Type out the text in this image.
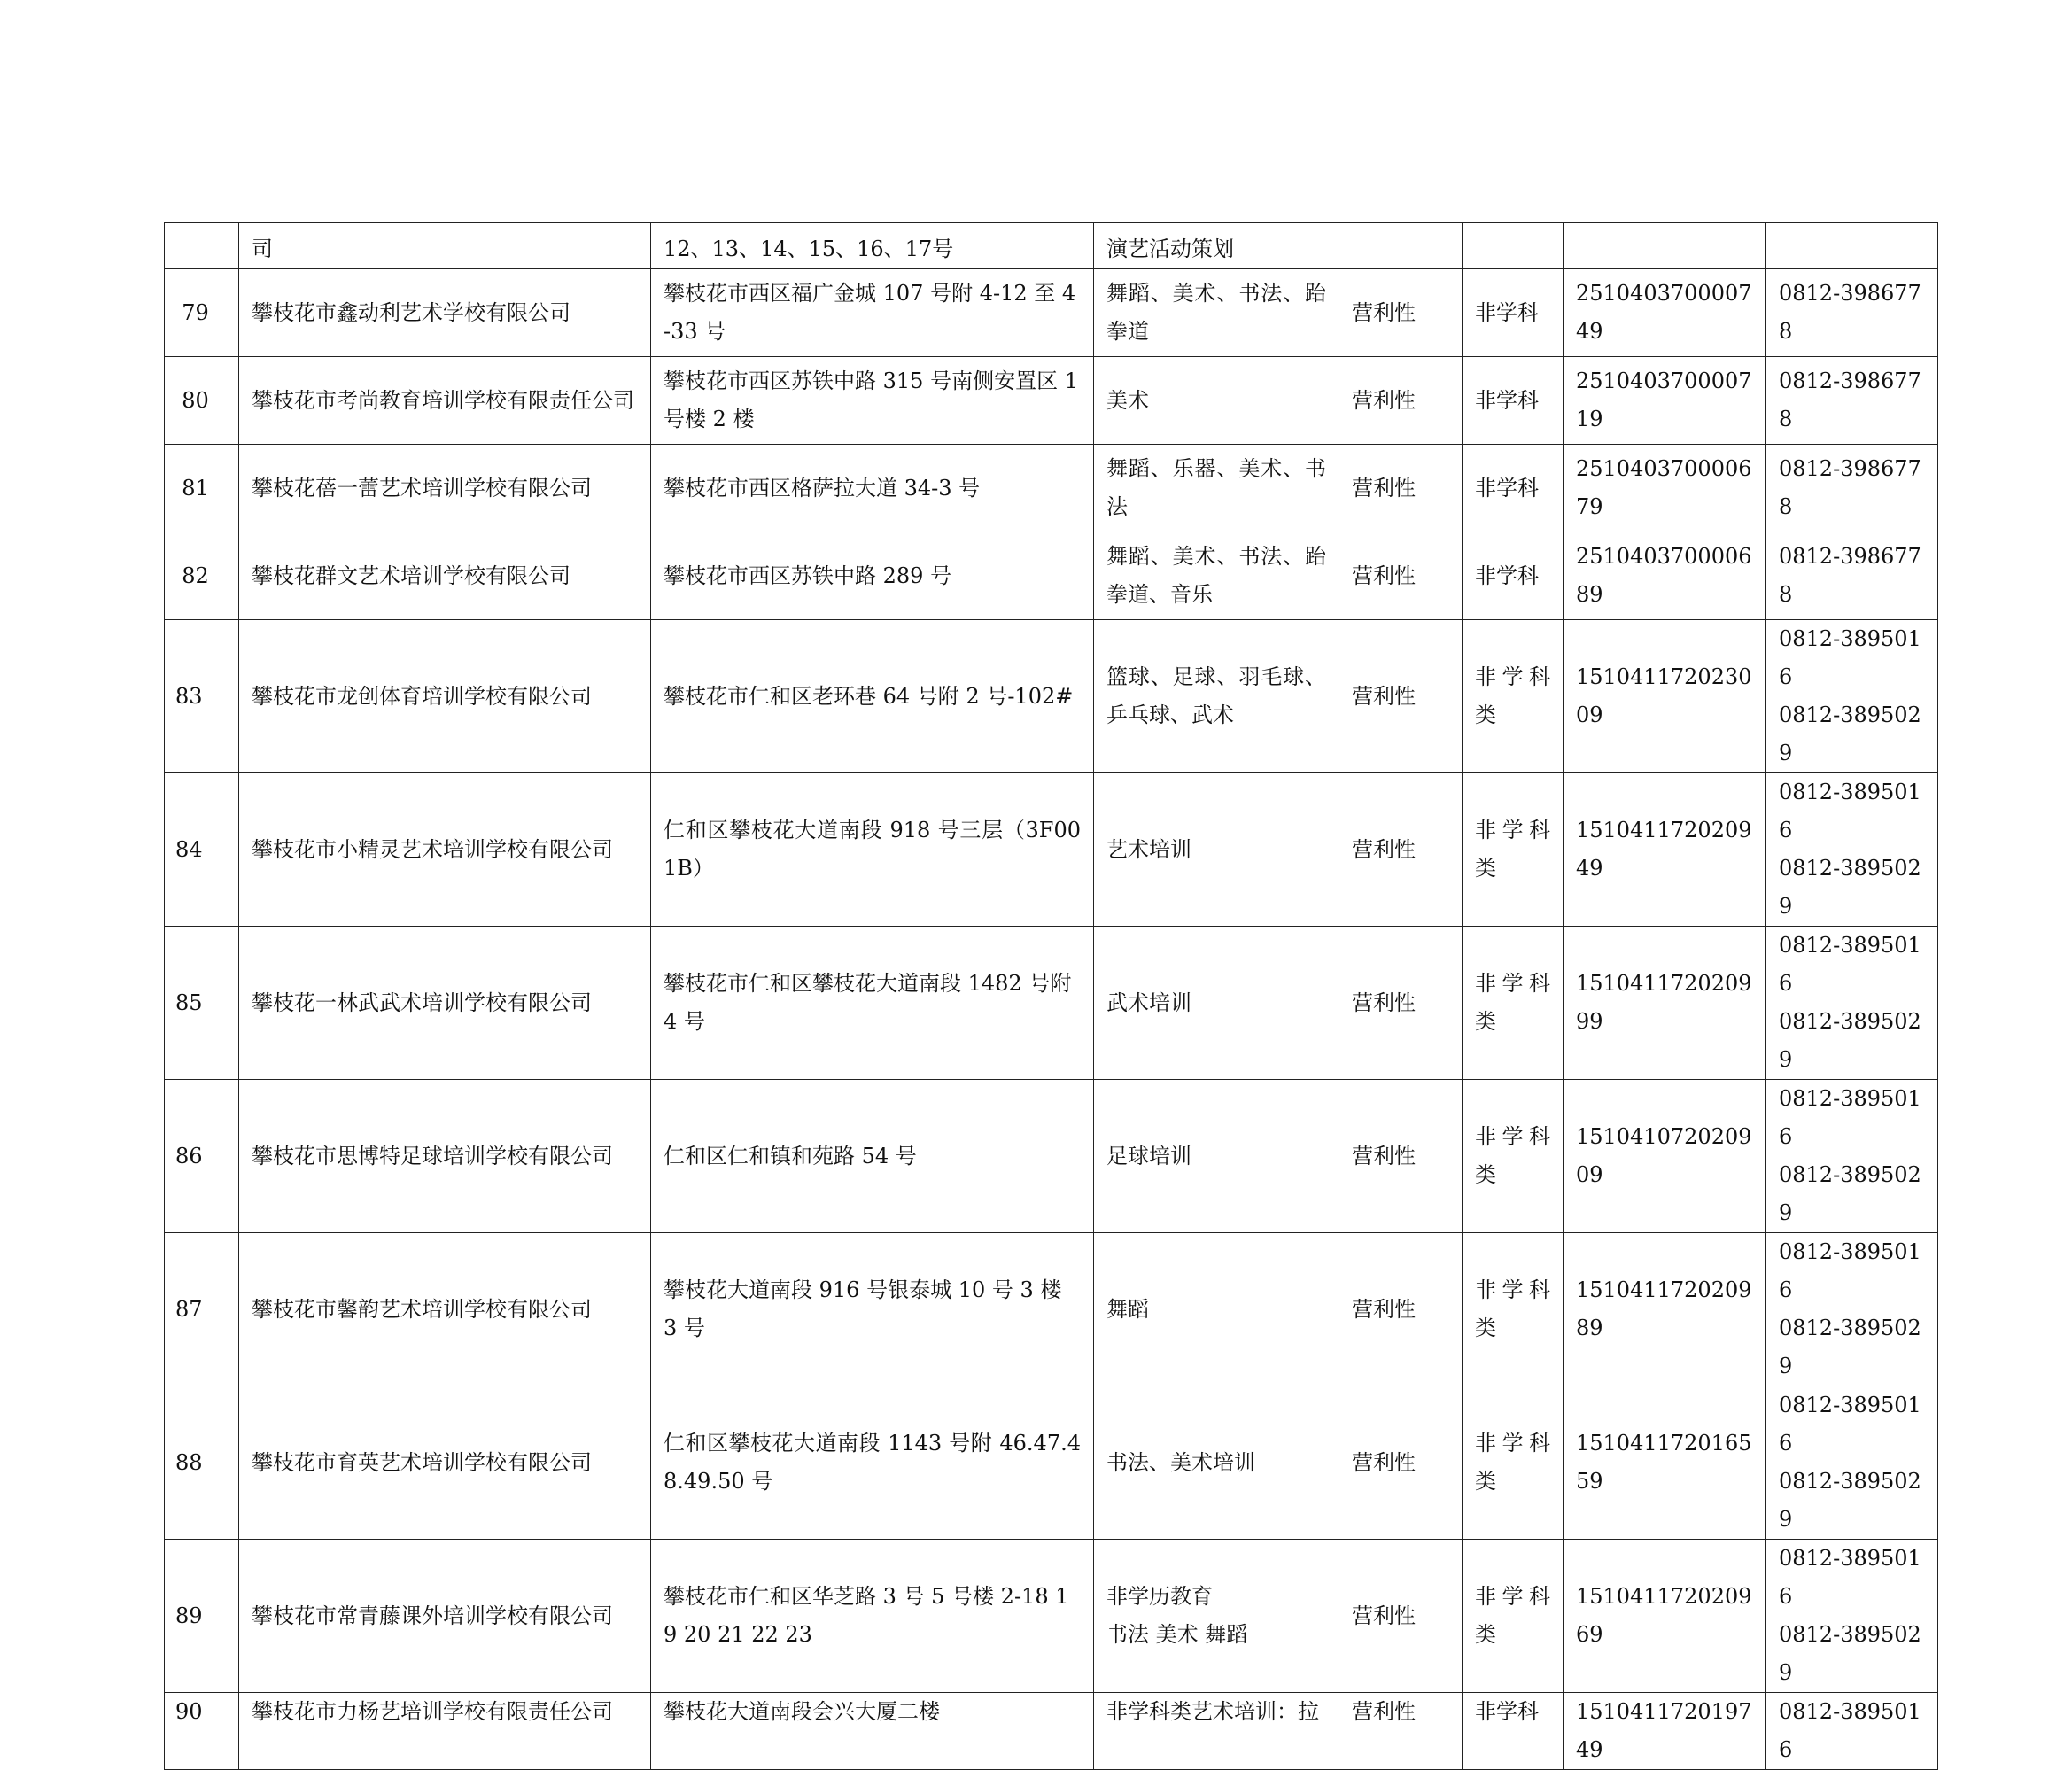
	司	12、13、14、15、16、17号	演艺活动策划				
79	攀枝花市鑫动利艺术学校有限公司	攀枝花市西区福广金城 107 号附 4-12 至 4-33 号	舞蹈、美术、书法、跆拳道	营利性	非学科	251040370000749	0812-3986778
80	攀枝花市考尚教育培训学校有限责任公司	攀枝花市西区苏铁中路 315 号南侧安置区 1 号楼 2 楼	美术	营利性	非学科	251040370000719	0812-3986778
81	攀枝花蓓一蕾艺术培训学校有限公司	攀枝花市西区格萨拉大道 34-3 号	舞蹈、乐器、美术、书法	营利性	非学科	251040370000679	0812-3986778
82	攀枝花群文艺术培训学校有限公司	攀枝花市西区苏铁中路 289 号	舞蹈、美术、书法、跆拳道、音乐	营利性	非学科	251040370000689	0812-3986778
83	攀枝花市龙创体育培训学校有限公司	攀枝花市仁和区老环巷 64 号附 2 号-102#	篮球、足球、羽毛球、乒乓球、武术	营利性	非学科类	151041172023009	0812-3895016
0812-3895029
84	攀枝花市小精灵艺术培训学校有限公司	仁和区攀枝花大道南段 918 号三层（3F001B）	艺术培训	营利性	非学科类	151041172020949	0812-3895016
0812-3895029
85	攀枝花一林武武术培训学校有限公司	攀枝花市仁和区攀枝花大道南段 1482 号附 4 号	武术培训	营利性	非学科类	151041172020999	0812-3895016
0812-3895029
86	攀枝花市思博特足球培训学校有限公司	仁和区仁和镇和苑路 54 号	足球培训	营利性	非学科类	151041072020909	0812-3895016
0812-3895029
87	攀枝花市馨韵艺术培训学校有限公司	攀枝花大道南段 916 号银泰城 10 号 3 楼 3 号	舞蹈	营利性	非学科类	151041172020989	0812-3895016
0812-3895029
88	攀枝花市育英艺术培训学校有限公司	仁和区攀枝花大道南段 1143 号附 46.47.48.49.50 号	书法、美术培训	营利性	非学科类	151041172016559	0812-3895016
0812-3895029
89	攀枝花市常青藤课外培训学校有限公司	攀枝花市仁和区华芝路 3 号 5 号楼 2-18 19 20 21 22 23	非学历教育
书法 美术 舞蹈	营利性	非学科类	151041172020969	0812-3895016
0812-3895029
90	攀枝花市力杨艺培训学校有限责任公司	攀枝花大道南段会兴大厦二楼	非学科类艺术培训：拉	营利性	非学科	151041172019749	0812-3895016
